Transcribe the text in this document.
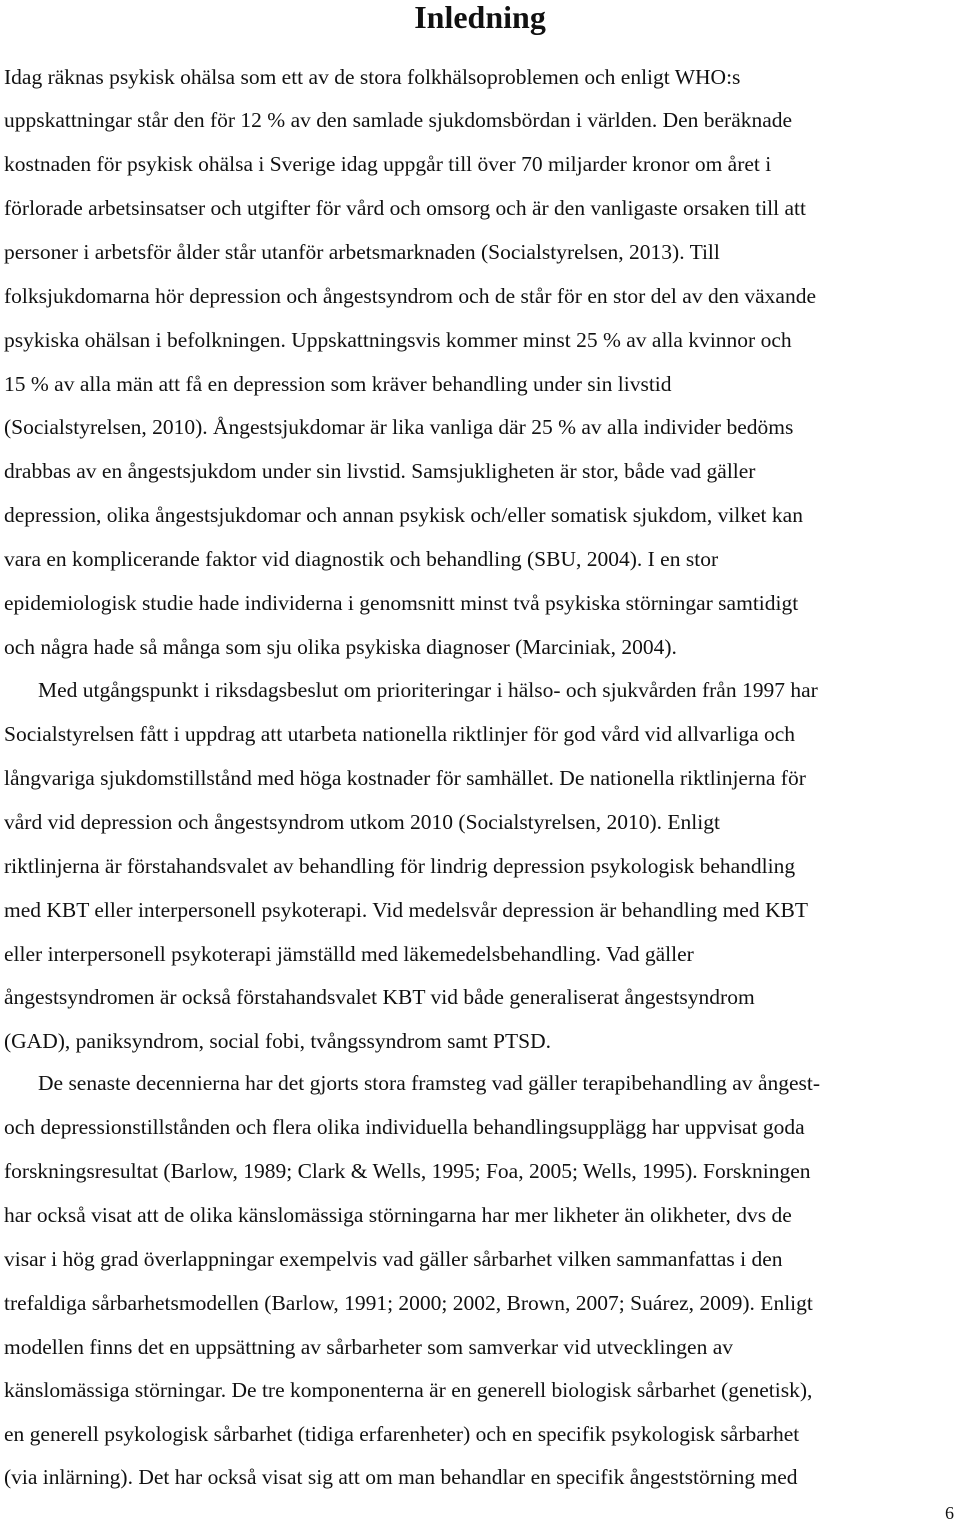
Inledning
Idag räknas psykisk ohälsa som ett av de stora folkhälsoproblemen och enligt WHO:s
uppskattningar står den för 12 % av den samlade sjukdomsbördan i världen. Den beräknade
kostnaden för psykisk ohälsa i Sverige idag uppgår till över 70 miljarder kronor om året i
förlorade arbetsinsatser och utgifter för vård och omsorg och är den vanligaste orsaken till att
personer i arbetsför ålder står utanför arbetsmarknaden (Socialstyrelsen, 2013). Till
folksjukdomarna hör depression och ångestsyndrom och de står för en stor del av den växande
psykiska ohälsan i befolkningen. Uppskattningsvis kommer minst 25 % av alla kvinnor och
15 % av alla män att få en depression som kräver behandling under sin livstid
(Socialstyrelsen, 2010). Ångestsjukdomar är lika vanliga där 25 % av alla individer bedöms
drabbas av en ångestsjukdom under sin livstid. Samsjukligheten är stor, både vad gäller
depression, olika ångestsjukdomar och annan psykisk och/eller somatisk sjukdom, vilket kan
vara en komplicerande faktor vid diagnostik och behandling (SBU, 2004). I en stor
epidemiologisk studie hade individerna i genomsnitt minst två psykiska störningar samtidigt
och några hade så många som sju olika psykiska diagnoser (Marciniak, 2004).
Med utgångspunkt i riksdagsbeslut om prioriteringar i hälso- och sjukvården från 1997 har
Socialstyrelsen fått i uppdrag att utarbeta nationella riktlinjer för god vård vid allvarliga och
långvariga sjukdomstillstånd med höga kostnader för samhället. De nationella riktlinjerna för
vård vid depression och ångestsyndrom utkom 2010 (Socialstyrelsen, 2010). Enligt
riktlinjerna är förstahandsvalet av behandling för lindrig depression psykologisk behandling
med KBT eller interpersonell psykoterapi. Vid medelsvår depression är behandling med KBT
eller interpersonell psykoterapi jämställd med läkemedelsbehandling. Vad gäller
ångestsyndromen är också förstahandsvalet KBT vid både generaliserat ångestsyndrom
(GAD), paniksyndrom, social fobi, tvångssyndrom samt PTSD.
De senaste decennierna har det gjorts stora framsteg vad gäller terapibehandling av ångest-
och depressionstillstånden och flera olika individuella behandlingsupplägg har uppvisat goda
forskningsresultat (Barlow, 1989; Clark & Wells, 1995; Foa, 2005; Wells, 1995). Forskningen
har också visat att de olika känslomässiga störningarna har mer likheter än olikheter, dvs de
visar i hög grad överlappningar exempelvis vad gäller sårbarhet vilken sammanfattas i den
trefaldiga sårbarhetsmodellen (Barlow, 1991; 2000; 2002, Brown, 2007; Suárez, 2009). Enligt
modellen finns det en uppsättning av sårbarheter som samverkar vid utvecklingen av
känslomässiga störningar. De tre komponenterna är en generell biologisk sårbarhet (genetisk),
en generell psykologisk sårbarhet (tidiga erfarenheter) och en specifik psykologisk sårbarhet
(via inlärning). Det har också visat sig att om man behandlar en specifik ångeststörning med
6
